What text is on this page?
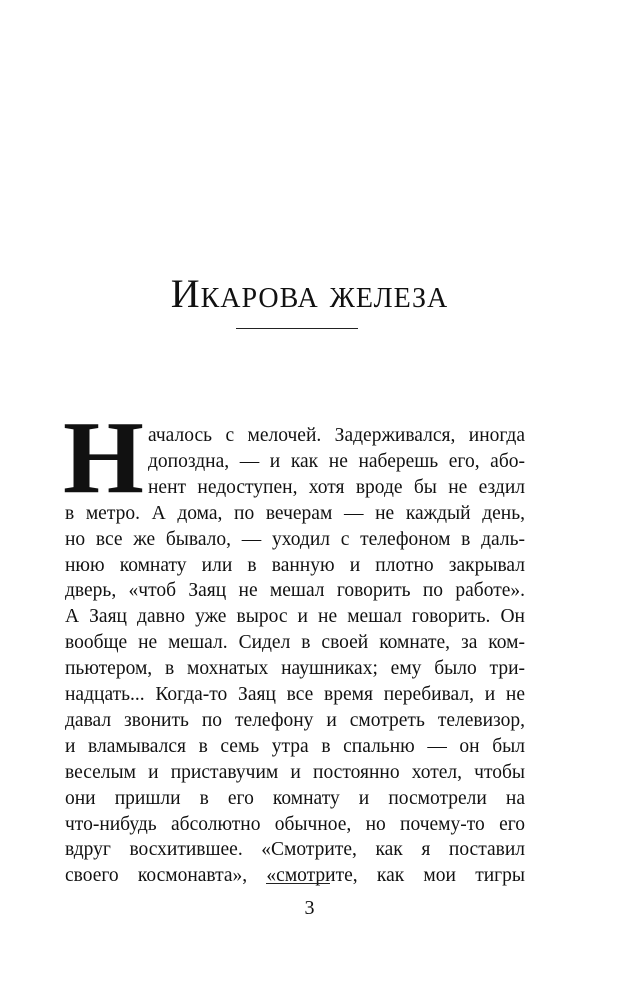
Икарова железа
Н ачалось с мелочей. Задерживался, иногда
допоздна, — и как не наберешь его, або-
нент недоступен, хотя вроде бы не ездил
в метро. А дома, по вечерам — не каждый день,
но все же бывало, — уходил с телефоном в даль-
нюю комнату или в ванную и плотно закрывал
дверь, «чтоб Заяц не мешал говорить по работе».
А Заяц давно уже вырос и не мешал говорить. Он
вообще не мешал. Сидел в своей комнате, за ком-
пьютером, в мохнатых наушниках; ему было три-
надцать... Когда-то Заяц все время перебивал, и не
давал звонить по телефону и смотреть телевизор,
и вламывался в семь утра в спальню — он был
веселым и приставучим и постоянно хотел, чтобы
они пришли в его комнату и посмотрели на
что-нибудь абсолютно обычное, но почему-то его
вдруг восхитившее. «Смотрите, как я поставил
своего космонавта», «смотрите, как мои тигры
3
